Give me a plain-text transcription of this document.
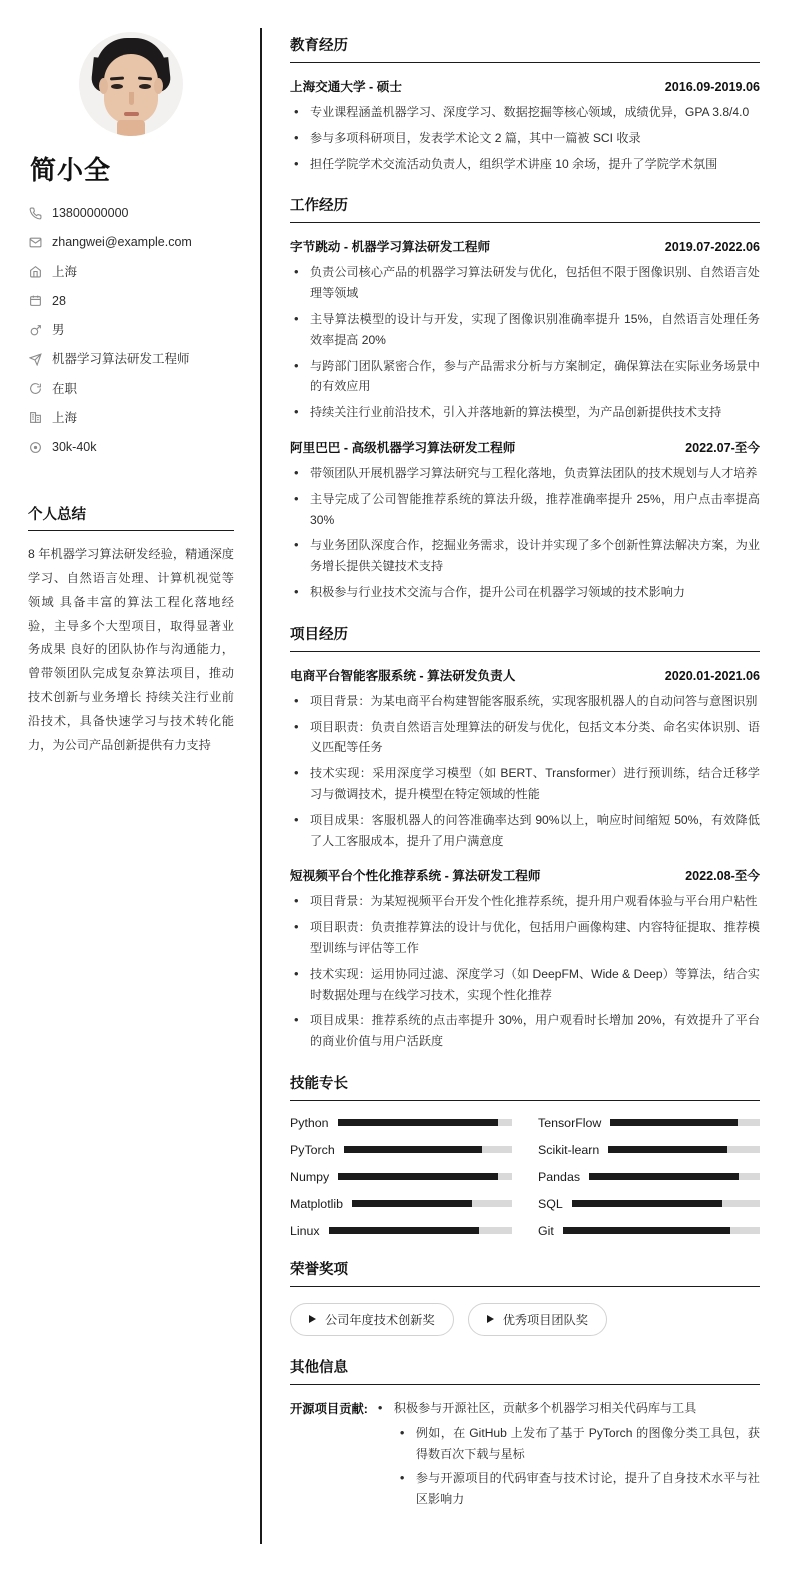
简小全
13800000000
zhangwei@example.com
上海
28
男
机器学习算法研发工程师
在职
上海
30k-40k
个人总结
8 年机器学习算法研发经验，精通深度学习、自然语言处理、计算机视觉等领域 具备丰富的算法工程化落地经验，主导多个大型项目，取得显著业务成果 良好的团队协作与沟通能力，曾带领团队完成复杂算法项目，推动技术创新与业务增长 持续关注行业前沿技术，具备快速学习与技术转化能力，为公司产品创新提供有力支持
教育经历
上海交通大学 - 硕士	2016.09-2019.06
• 专业课程涵盖机器学习、深度学习、数据挖掘等核心领域，成绩优异，GPA 3.8/4.0
• 参与多项科研项目，发表学术论文 2 篇，其中一篇被 SCI 收录
• 担任学院学术交流活动负责人，组织学术讲座 10 余场，提升了学院学术氛围
工作经历
字节跳动 - 机器学习算法研发工程师	2019.07-2022.06
• 负责公司核心产品的机器学习算法研发与优化，包括但不限于图像识别、自然语言处理等领域
• 主导算法模型的设计与开发，实现了图像识别准确率提升 15%，自然语言处理任务效率提高 20%
• 与跨部门团队紧密合作，参与产品需求分析与方案制定，确保算法在实际业务场景中的有效应用
• 持续关注行业前沿技术，引入并落地新的算法模型，为产品创新提供技术支持
阿里巴巴 - 高级机器学习算法研发工程师	2022.07-至今
• 带领团队开展机器学习算法研究与工程化落地，负责算法团队的技术规划与人才培养
• 主导完成了公司智能推荐系统的算法升级，推荐准确率提升 25%，用户点击率提高 30%
• 与业务团队深度合作，挖掘业务需求，设计并实现了多个创新性算法解决方案，为业务增长提供关键技术支持
• 积极参与行业技术交流与合作，提升公司在机器学习领域的技术影响力
项目经历
电商平台智能客服系统 - 算法研发负责人	2020.01-2021.06
• 项目背景：为某电商平台构建智能客服系统，实现客服机器人的自动问答与意图识别
• 项目职责：负责自然语言处理算法的研发与优化，包括文本分类、命名实体识别、语义匹配等任务
• 技术实现：采用深度学习模型（如 BERT、Transformer）进行预训练，结合迁移学习与微调技术，提升模型在特定领域的性能
• 项目成果：客服机器人的问答准确率达到 90%以上，响应时间缩短 50%，有效降低了人工客服成本，提升了用户满意度
短视频平台个性化推荐系统 - 算法研发工程师	2022.08-至今
• 项目背景：为某短视频平台开发个性化推荐系统，提升用户观看体验与平台用户粘性
• 项目职责：负责推荐算法的设计与优化，包括用户画像构建、内容特征提取、推荐模型训练与评估等工作
• 技术实现：运用协同过滤、深度学习（如 DeepFM、Wide & Deep）等算法，结合实时数据处理与在线学习技术，实现个性化推荐
• 项目成果：推荐系统的点击率提升 30%，用户观看时长增加 20%，有效提升了平台的商业价值与用户活跃度
技能专长
Python	TensorFlow
PyTorch	Scikit-learn
Numpy	Pandas
Matplotlib	SQL
Linux	Git
荣誉奖项
公司年度技术创新奖	优秀项目团队奖
其他信息
开源项目贡献:	• 积极参与开源社区，贡献多个机器学习相关代码库与工具
• 例如，在 GitHub 上发布了基于 PyTorch 的图像分类工具包，获得数百次下载与星标
• 参与开源项目的代码审查与技术讨论，提升了自身技术水平与社区影响力
